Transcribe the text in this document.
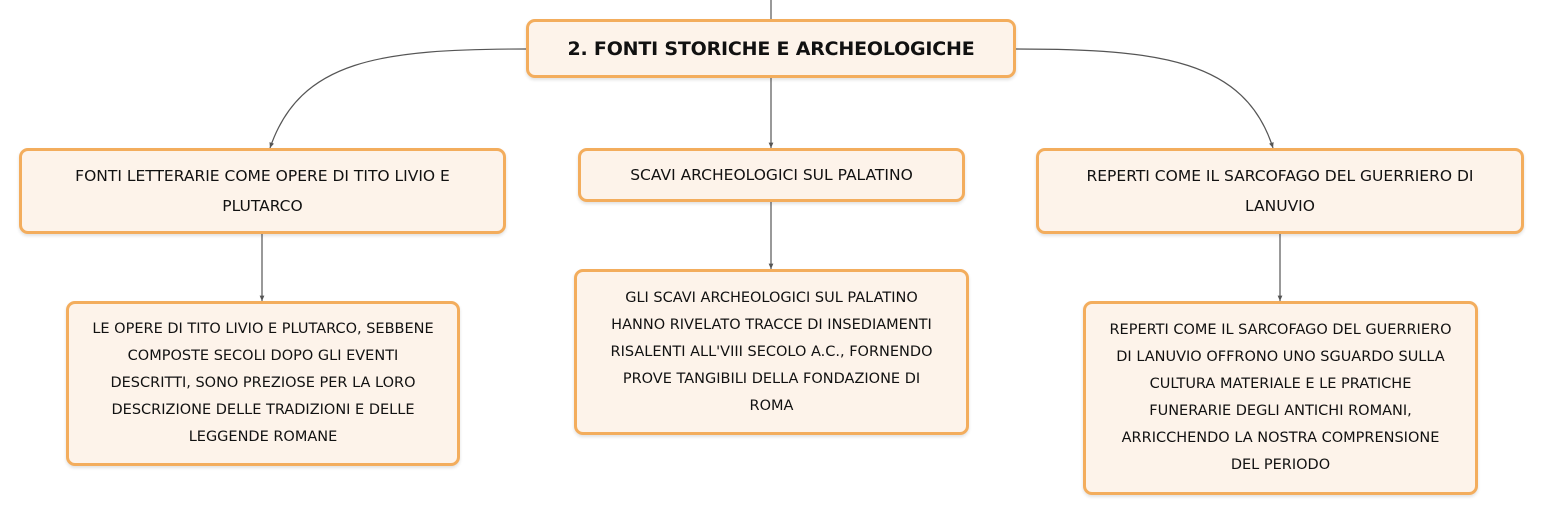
2. FONTI STORICHE E ARCHEOLOGICHE
FONTI LETTERARIE COME OPERE DI TITO LIVIO E PLUTARCO
SCAVI ARCHEOLOGICI SUL PALATINO	REPERTI COME IL SARCOFAGO DEL GUERRIERO DI LANUVIO
LE OPERE DI TITO LIVIO E PLUTARCO, SEBBENE COMPOSTE SECOLI DOPO GLI EVENTI DESCRITTI, SONO PREZIOSE PER LA LORO DESCRIZIONE DELLE TRADIZIONI E DELLE LEGGENDE ROMANE
GLI SCAVI ARCHEOLOGICI SUL PALATINO HANNO RIVELATO TRACCE DI INSEDIAMENTI RISALENTI ALL'VIII SECOLO A.C., FORNENDO PROVE TANGIBILI DELLA FONDAZIONE DI ROMA
REPERTI COME IL SARCOFAGO DEL GUERRIERO DI LANUVIO OFFRONO UNO SGUARDO SULLA CULTURA MATERIALE E LE PRATICHE FUNERARIE DEGLI ANTICHI ROMANI, ARRICCHENDO LA NOSTRA COMPRENSIONE DEL PERIODO
